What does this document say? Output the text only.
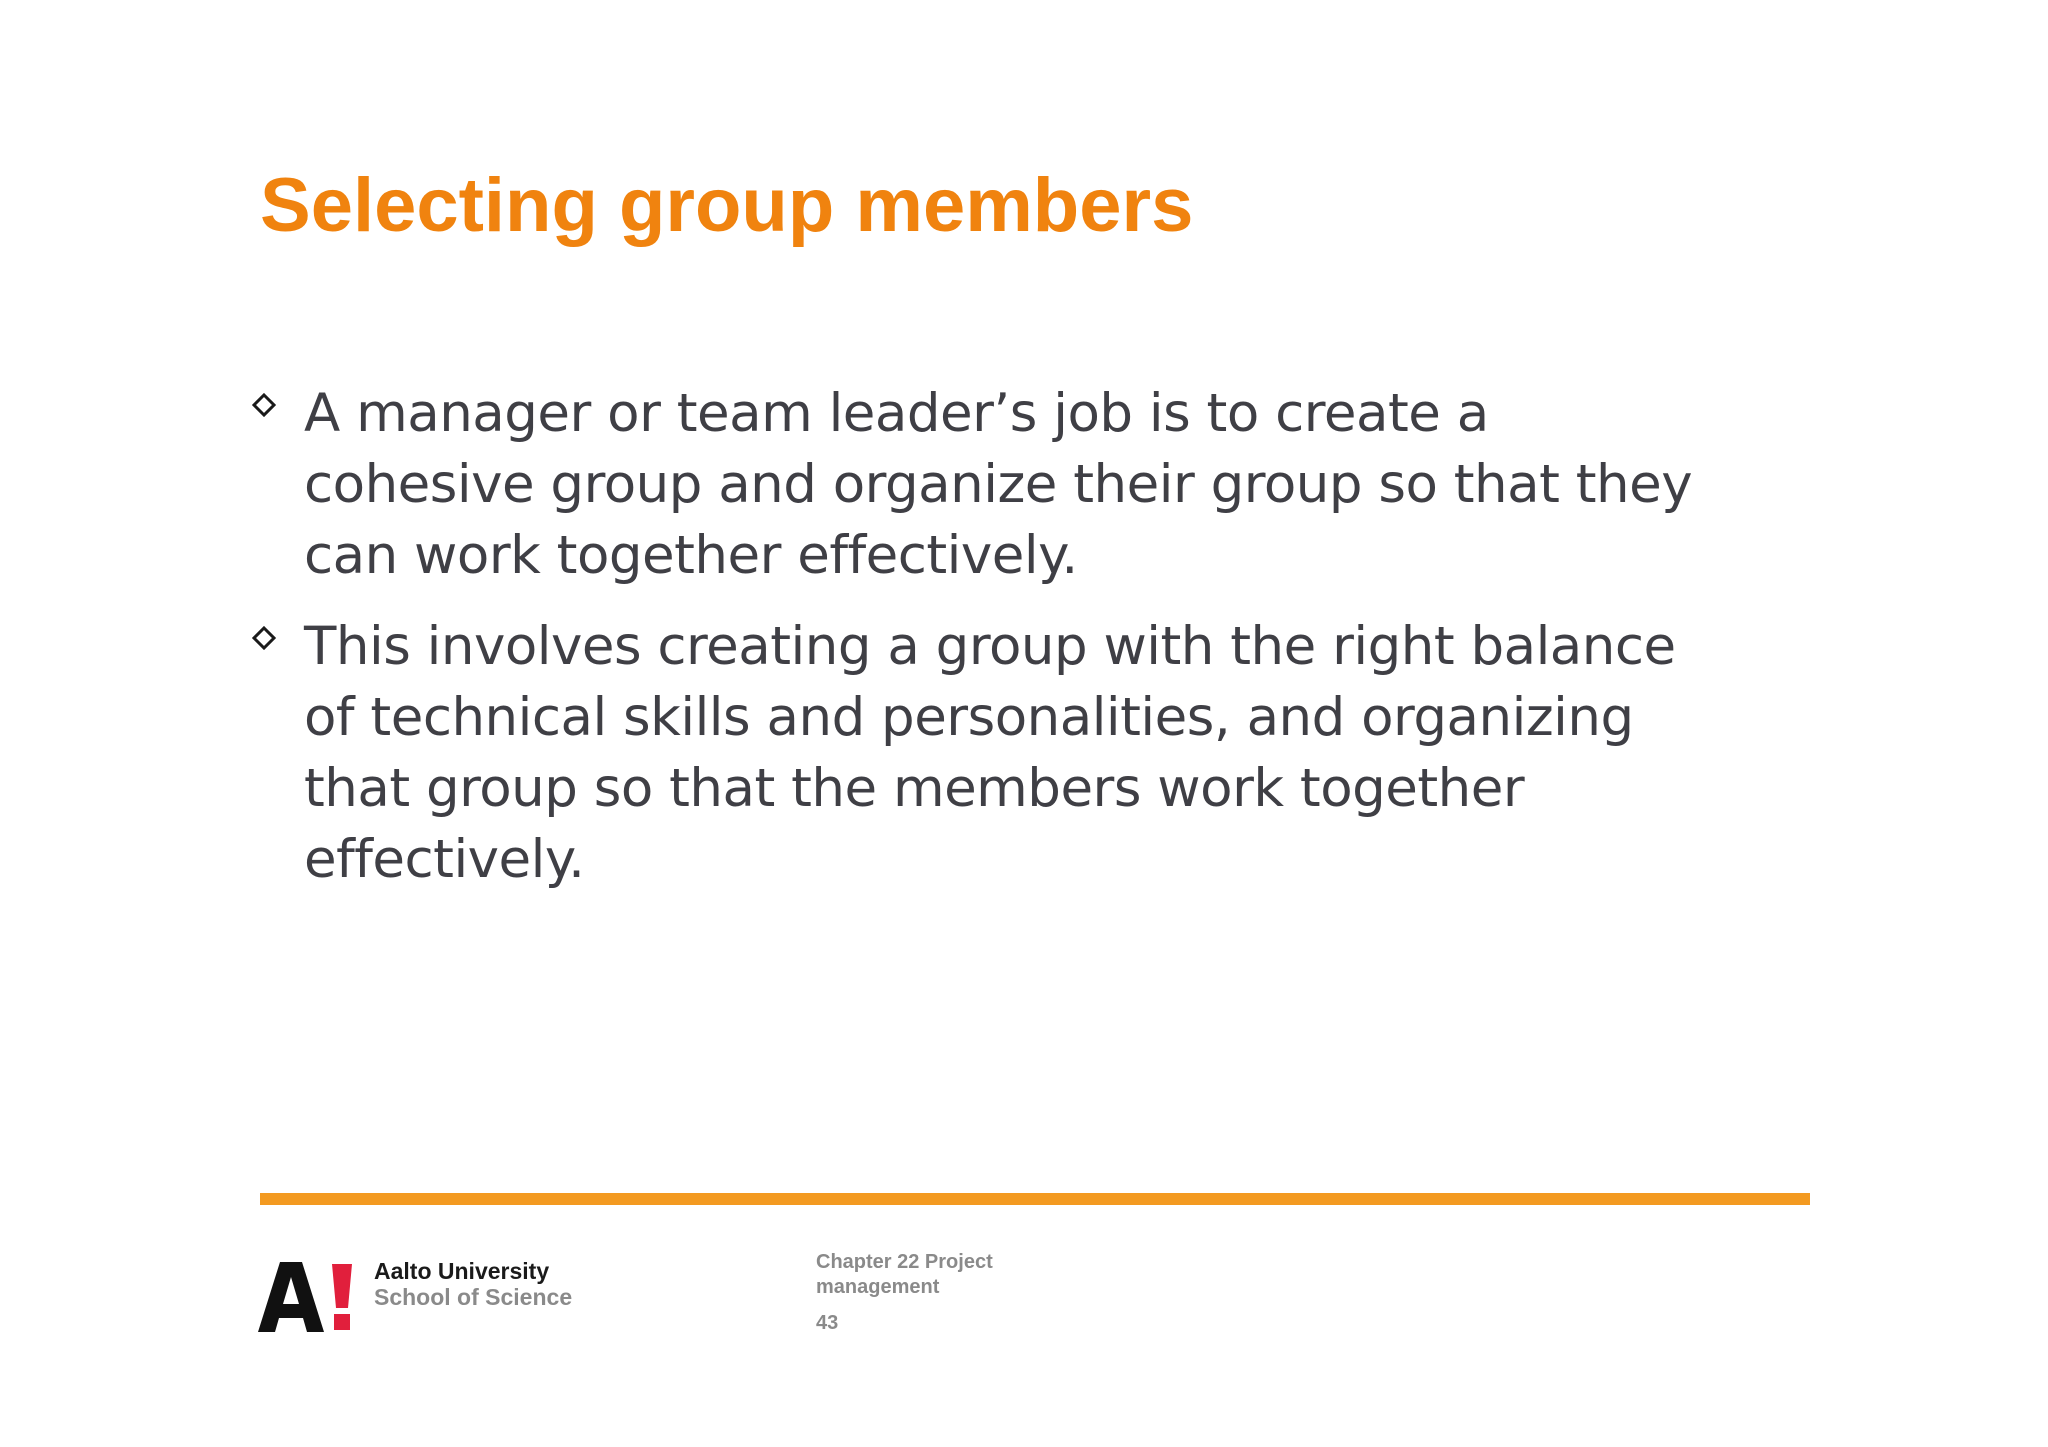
Selecting group members
A manager or team leader’s job is to create a cohesive group and organize their group so that they can work together effectively.
This involves creating a group with the right balance of technical skills and personalities, and organizing that group so that the members work together effectively.
Aalto University
School of Science
Chapter 22 Project management
43
